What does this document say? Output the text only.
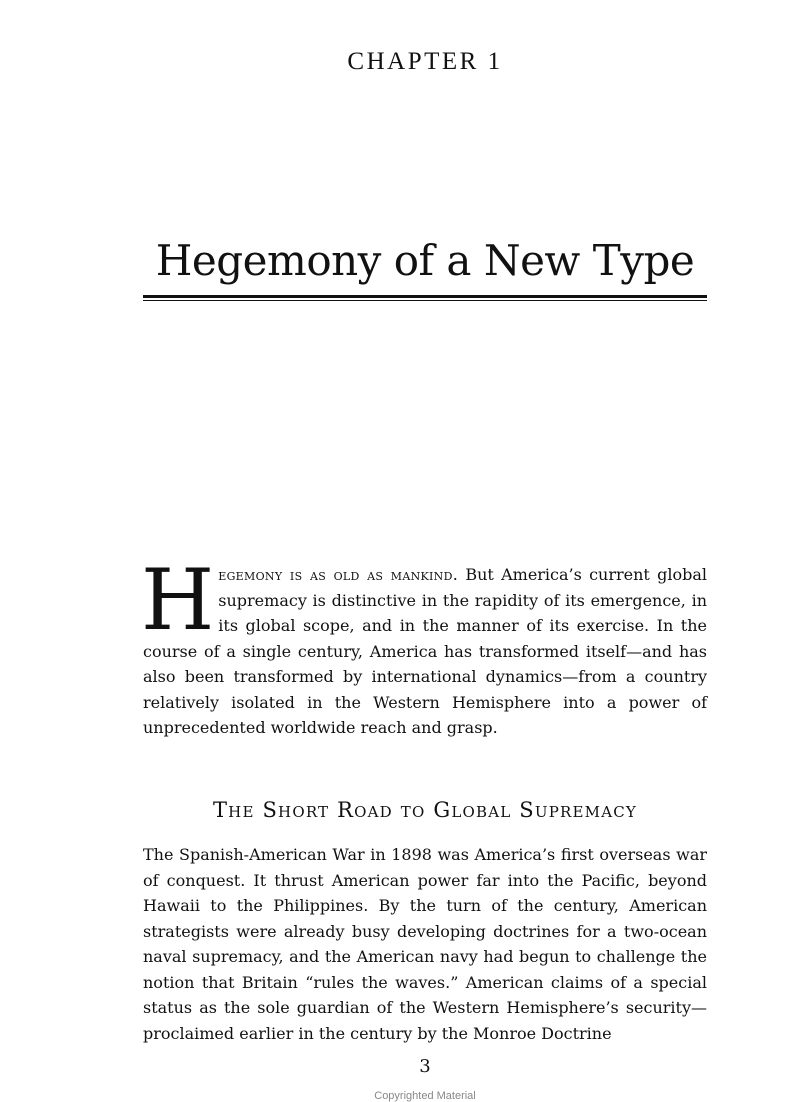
CHAPTER 1
Hegemony of a New Type

Hegemony is as old as mankind. But America’s current global supremacy is distinctive in the rapidity of its emergence, in its global scope, and in the manner of its exercise. In the course of a single century, America has transformed itself—and has also been transformed by international dynamics—from a country relatively isolated in the Western Hemisphere into a power of unprecedented worldwide reach and grasp.

The Short Road to Global Supremacy

The Spanish-American War in 1898 was America’s first overseas war of conquest. It thrust American power far into the Pacific, beyond Hawaii to the Philippines. By the turn of the century, American strategists were already busy developing doctrines for a two-ocean naval supremacy, and the American navy had begun to challenge the notion that Britain “rules the waves.” American claims of a special status as the sole guardian of the Western Hemisphere’s security—proclaimed earlier in the century by the Monroe Doctrine

3
Copyrighted Material
